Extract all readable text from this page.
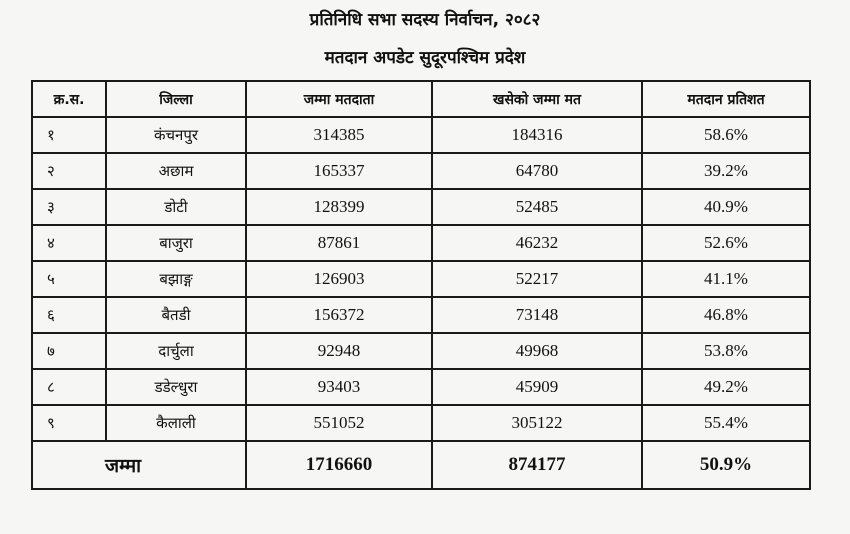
प्रतिनिधि सभा सदस्य निर्वाचन, २०८२
मतदान अपडेट सुदूरपश्चिम प्रदेश
क्र.स.	जिल्ला	जम्मा मतदाता	खसेको जम्मा मत	मतदान प्रतिशत
१	कंचनपुर	314385	184316	58.6%
२	अछाम	165337	64780	39.2%
३	डोटी	128399	52485	40.9%
४	बाजुरा	87861	46232	52.6%
५	बझाङ्ग	126903	52217	41.1%
६	बैतडी	156372	73148	46.8%
७	दार्चुला	92948	49968	53.8%
८	डडेल्धुरा	93403	45909	49.2%
९	कैलाली	551052	305122	55.4%
जम्मा		1716660	874177	50.9%
